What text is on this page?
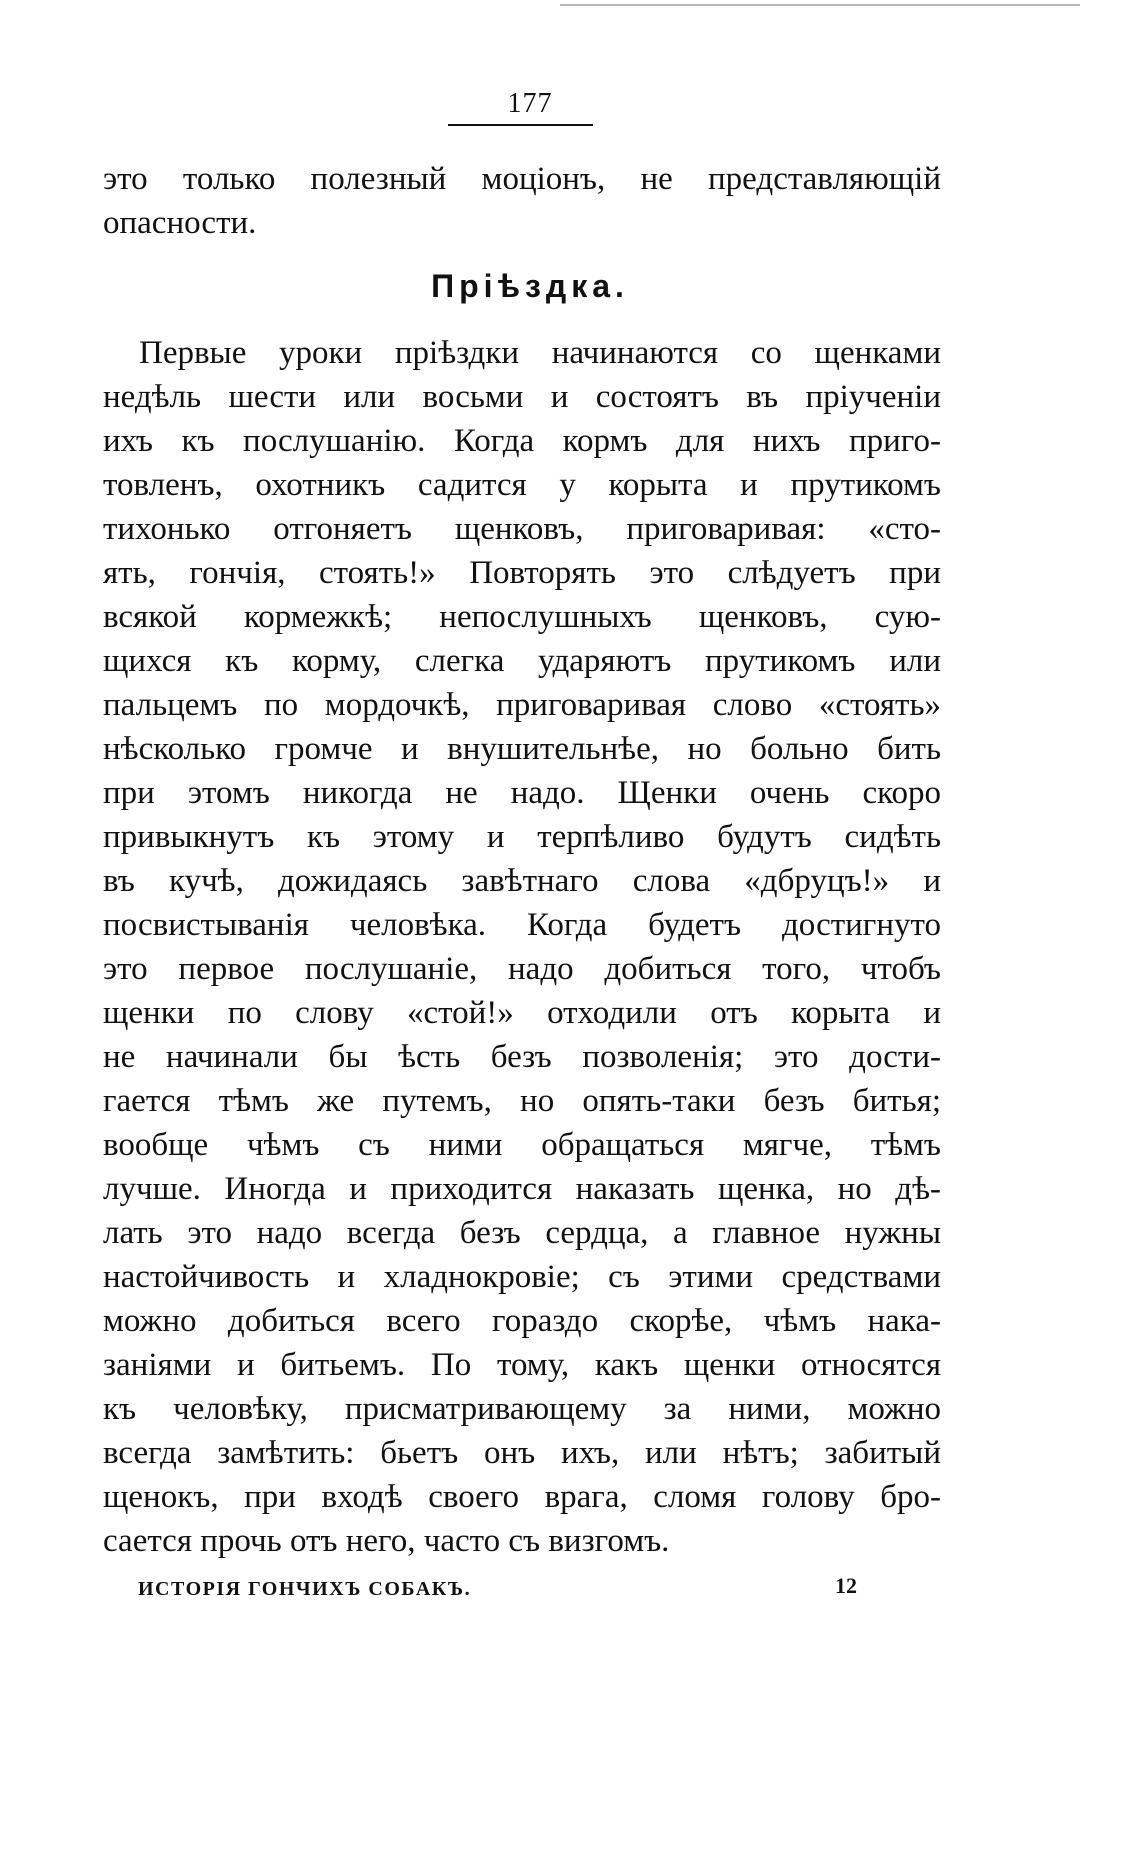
177
это только полезный моцiонъ, не представляющiй
опасности.
Прiѣздка.
Первые уроки прiѣздки начинаются со щенками
недѣль шести или восьми и состоятъ въ прiученiи
ихъ къ послушанiю. Когда кормъ для нихъ приго-
товленъ, охотникъ садится у корыта и прутикомъ
тихонько отгоняетъ щенковъ, приговаривая: «сто-
ять, гончiя, стоять!» Повторять это слѣдуетъ при
всякой кормежкѣ; непослушныхъ щенковъ, сую-
щихся къ корму, слегка ударяютъ прутикомъ или
пальцемъ по мордочкѣ, приговаривая слово «стоять»
нѣсколько громче и внушительнѣе, но больно бить
при этомъ никогда не надо. Щенки очень скоро
привыкнутъ къ этому и терпѣливо будутъ сидѣть
въ кучѣ, дожидаясь завѣтнаго слова «дбруцъ!» и
посвистыванiя человѣка. Когда будетъ достигнуто
это первое послушанiе, надо добиться того, чтобъ
щенки по слову «стой!» отходили отъ корыта и
не начинали бы ѣсть безъ позволенiя; это дости-
гается тѣмъ же путемъ, но опять-таки безъ битья;
вообще чѣмъ съ ними обращаться мягче, тѣмъ
лучше. Иногда и приходится наказать щенка, но дѣ-
лать это надо всегда безъ сердца, а главное нужны
настойчивость и хладнокровiе; съ этими средствами
можно добиться всего гораздо скорѣе, чѣмъ нака-
занiями и битьемъ. По тому, какъ щенки относятся
къ человѣку, присматривающему за ними, можно
всегда замѣтить: бьетъ онъ ихъ, или нѣтъ; забитый
щенокъ, при входѣ своего врага, сломя голову бро-
сается прочь отъ него, часто съ визгомъ.
ИСТОРIЯ ГОНЧИХЪ СОБАКЪ.	12
